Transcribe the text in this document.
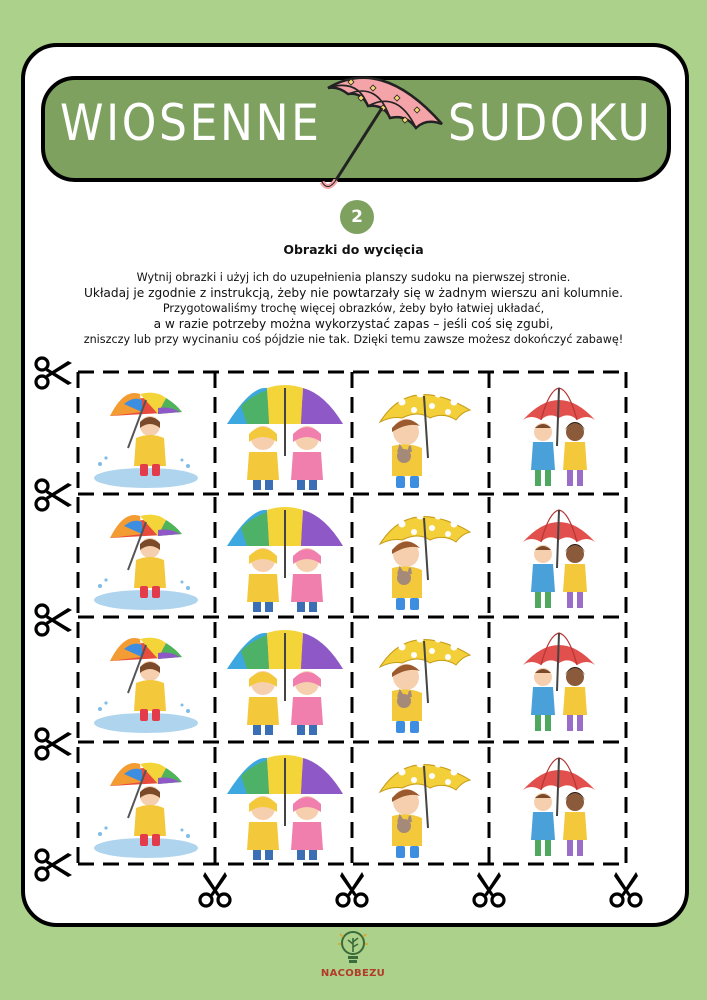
WIOSENNE	SUDOKU
2
Obrazki do wycięcia

Wytnij obrazki i użyj ich do uzupełnienia planszy sudoku na pierwszej stronie.

Układaj je zgodnie z instrukcją, żeby nie powtarzały się w żadnym wierszu ani kolumnie.

Przygotowaliśmy trochę więcej obrazków, żeby było łatwiej układać,

a w razie potrzeby można wykorzystać zapas – jeśli coś się zgubi,

zniszczy lub przy wycinaniu coś pójdzie nie tak. Dzięki temu zawsze możesz dokończyć zabawę!

NACOBEZU
